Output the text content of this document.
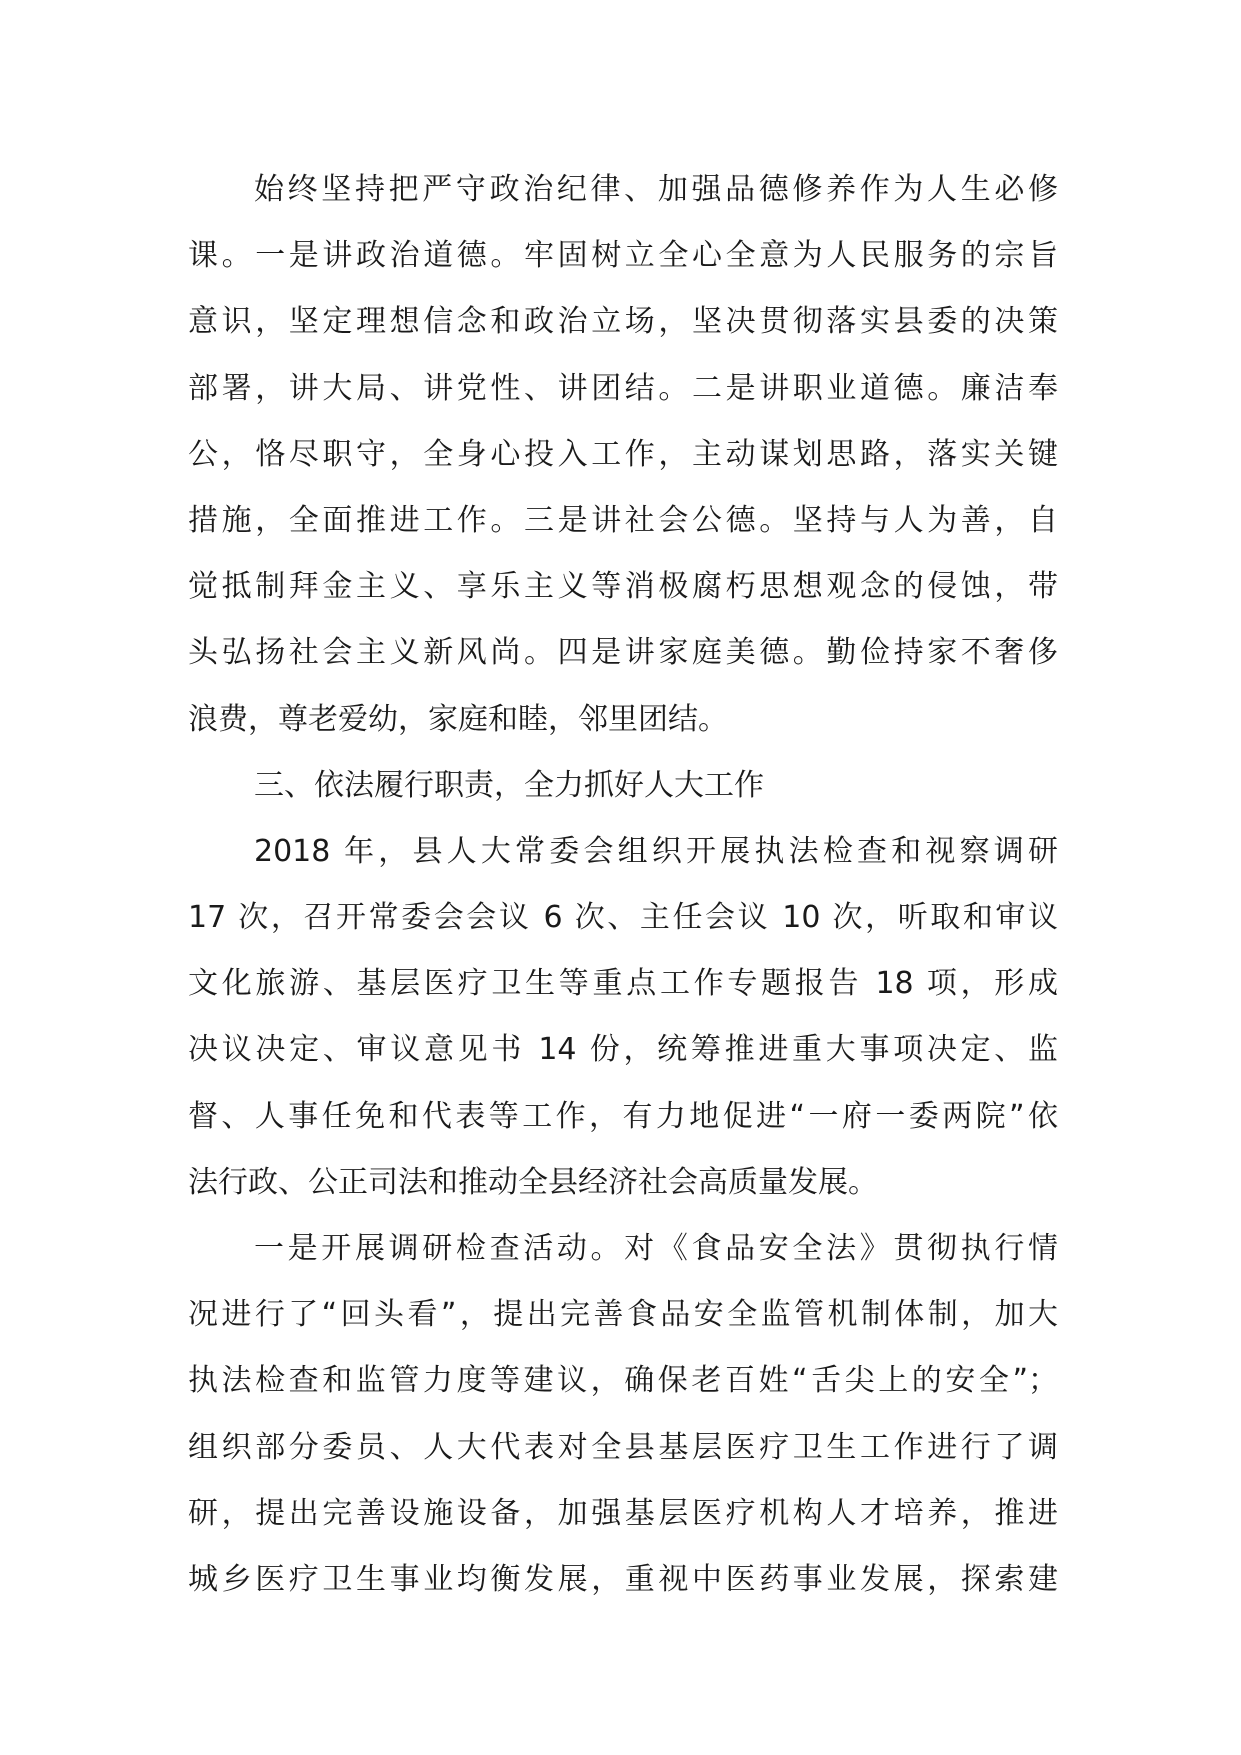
始终坚持把严守政治纪律、加强品德修养作为人生必修
课。一是讲政治道德。牢固树立全心全意为人民服务的宗旨
意识，坚定理想信念和政治立场，坚决贯彻落实县委的决策
部署，讲大局、讲党性、讲团结。二是讲职业道德。廉洁奉
公，恪尽职守，全身心投入工作，主动谋划思路，落实关键
措施，全面推进工作。三是讲社会公德。坚持与人为善，自
觉抵制拜金主义、享乐主义等消极腐朽思想观念的侵蚀，带
头弘扬社会主义新风尚。四是讲家庭美德。勤俭持家不奢侈
浪费，尊老爱幼，家庭和睦，邻里团结。
三、依法履行职责，全力抓好人大工作
2018 年，县人大常委会组织开展执法检查和视察调研
17 次，召开常委会会议 6 次、主任会议 10 次，听取和审议
文化旅游、基层医疗卫生等重点工作专题报告 18 项，形成
决议决定、审议意见书 14 份，统筹推进重大事项决定、监
督、人事任免和代表等工作，有力地促进“一府一委两院”依
法行政、公正司法和推动全县经济社会高质量发展。
一是开展调研检查活动。对《食品安全法》贯彻执行情
况进行了“回头看”，提出完善食品安全监管机制体制，加大
执法检查和监管力度等建议，确保老百姓“舌尖上的安全”；
组织部分委员、人大代表对全县基层医疗卫生工作进行了调
研，提出完善设施设备，加强基层医疗机构人才培养，推进
城乡医疗卫生事业均衡发展，重视中医药事业发展，探索建
